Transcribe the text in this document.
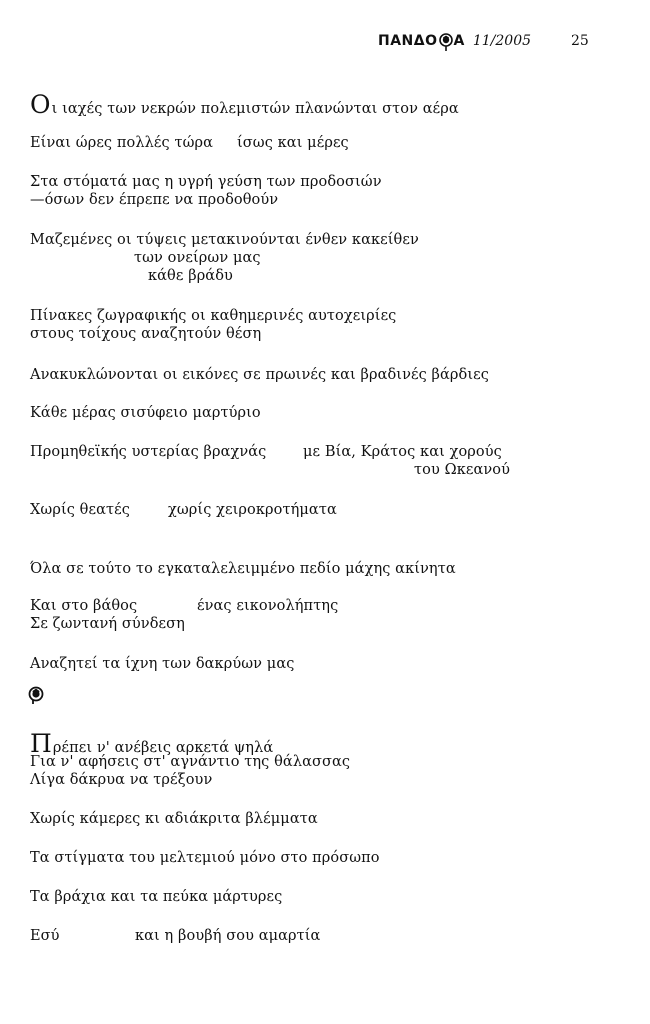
ΠΑΝΔΟ Α 11/2005	25
Οι ιαχές των νεκρών πολεμιστών πλανώνται στον αέρα
Είναι ώρες πολλές τώρα ίσως και μέρες
Στα στόματά μας η υγρή γεύση των προδοσιών
—όσων δεν έπρεπε να προδοθούν
Μαζεμένες οι τύψεις μετακινούνται ένθεν κακείθεν
των ονείρων μας
κάθε βράδυ
Πίνακες ζωγραφικής οι καθημερινές αυτοχειρίες
στους τοίχους αναζητούν θέση
Ανακυκλώνονται οι εικόνες σε πρωινές και βραδινές βάρδιες
Κάθε μέρας σισύφειο μαρτύριο
Προμηθεϊκής υστερίας βραχνάς	με Βία, Κράτος και χορούς
του Ωκεανού
Χωρίς θεατές	χωρίς χειροκροτήματα
Όλα σε τούτο το εγκαταλελειμμένο πεδίο μάχης ακίνητα
Και στο βάθος	ένας εικονολήπτης
Σε ζωντανή σύνδεση
Αναζητεί τα ίχνη των δακρύων μας
Πρέπει ν' ανέβεις αρκετά ψηλά
Για ν' αφήσεις στ' αγνάντιο της θάλασσας
Λίγα δάκρυα να τρέξουν
Χωρίς κάμερες κι αδιάκριτα βλέμματα
Τα στίγματα του μελτεμιού μόνο στο πρόσωπο
Τα βράχια και τα πεύκα μάρτυρες
Εσύ	και η βουβή σου αμαρτία
